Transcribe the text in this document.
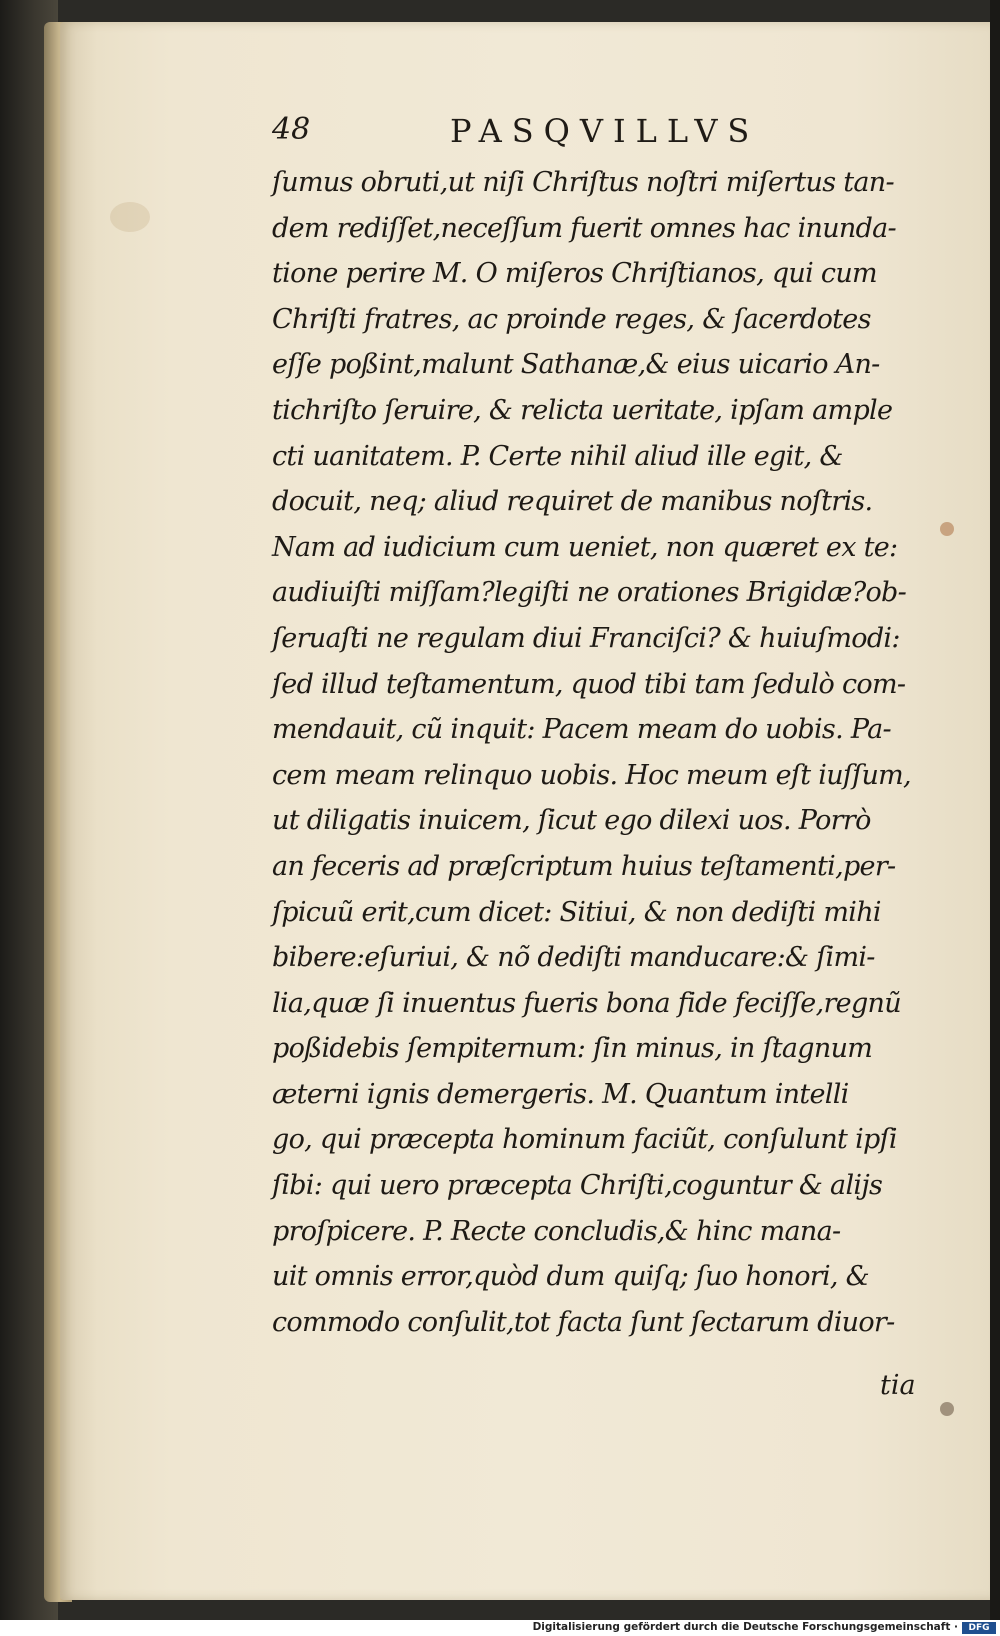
48	PASQVILLVS
ſumus obruti,ut niſi Chriſtus noſtri miſertus tan-
dem rediſſet,neceſſum fuerit omnes hac inunda-
tione perire M. O miſeros Chriſtianos, qui cum
Chriſti fratres, ac proinde reges, & ſacerdotes
eſſe poßint,malunt Sathanæ,& eius uicario An-
tichriſto ſeruire, & relicta ueritate, ipſam ample
cti uanitatem. P. Certe nihil aliud ille egit, &
docuit, neq; aliud requiret de manibus noſtris.
Nam ad iudicium cum ueniet, non quæret ex te:
audiuiſti miſſam?legiſti ne orationes Brigidæ?ob-
ſeruaſti ne regulam diui Franciſci? & huiuſmodi:
ſed illud teſtamentum, quod tibi tam ſedulò com-
mendauit, cũ inquit: Pacem meam do uobis. Pa-
cem meam relinquo uobis. Hoc meum eſt iuſſum,
ut diligatis inuicem, ſicut ego dilexi uos. Porrò
an feceris ad præſcriptum huius teſtamenti,per-
ſpicuũ erit,cum dicet: Sitiui, & non dediſti mihi
bibere:eſuriui, & nõ dediſti manducare:& ſimi-
lia,quæ ſi inuentus fueris bona fide feciſſe,regnũ
poßidebis ſempiternum: ſin minus, in ſtagnum
æterni ignis demergeris. M. Quantum intelli
go, qui præcepta hominum faciũt, conſulunt ipſi
ſibi: qui uero præcepta Chriſti,coguntur & alijs
proſpicere. P. Recte concludis,& hinc mana-
uit omnis error,quòd dum quiſq; ſuo honori, &
commodo conſulit,tot facta ſunt ſectarum diuor-
tia
Digitalisierung gefördert durch die Deutsche Forschungsgemeinschaft ·	DFG
